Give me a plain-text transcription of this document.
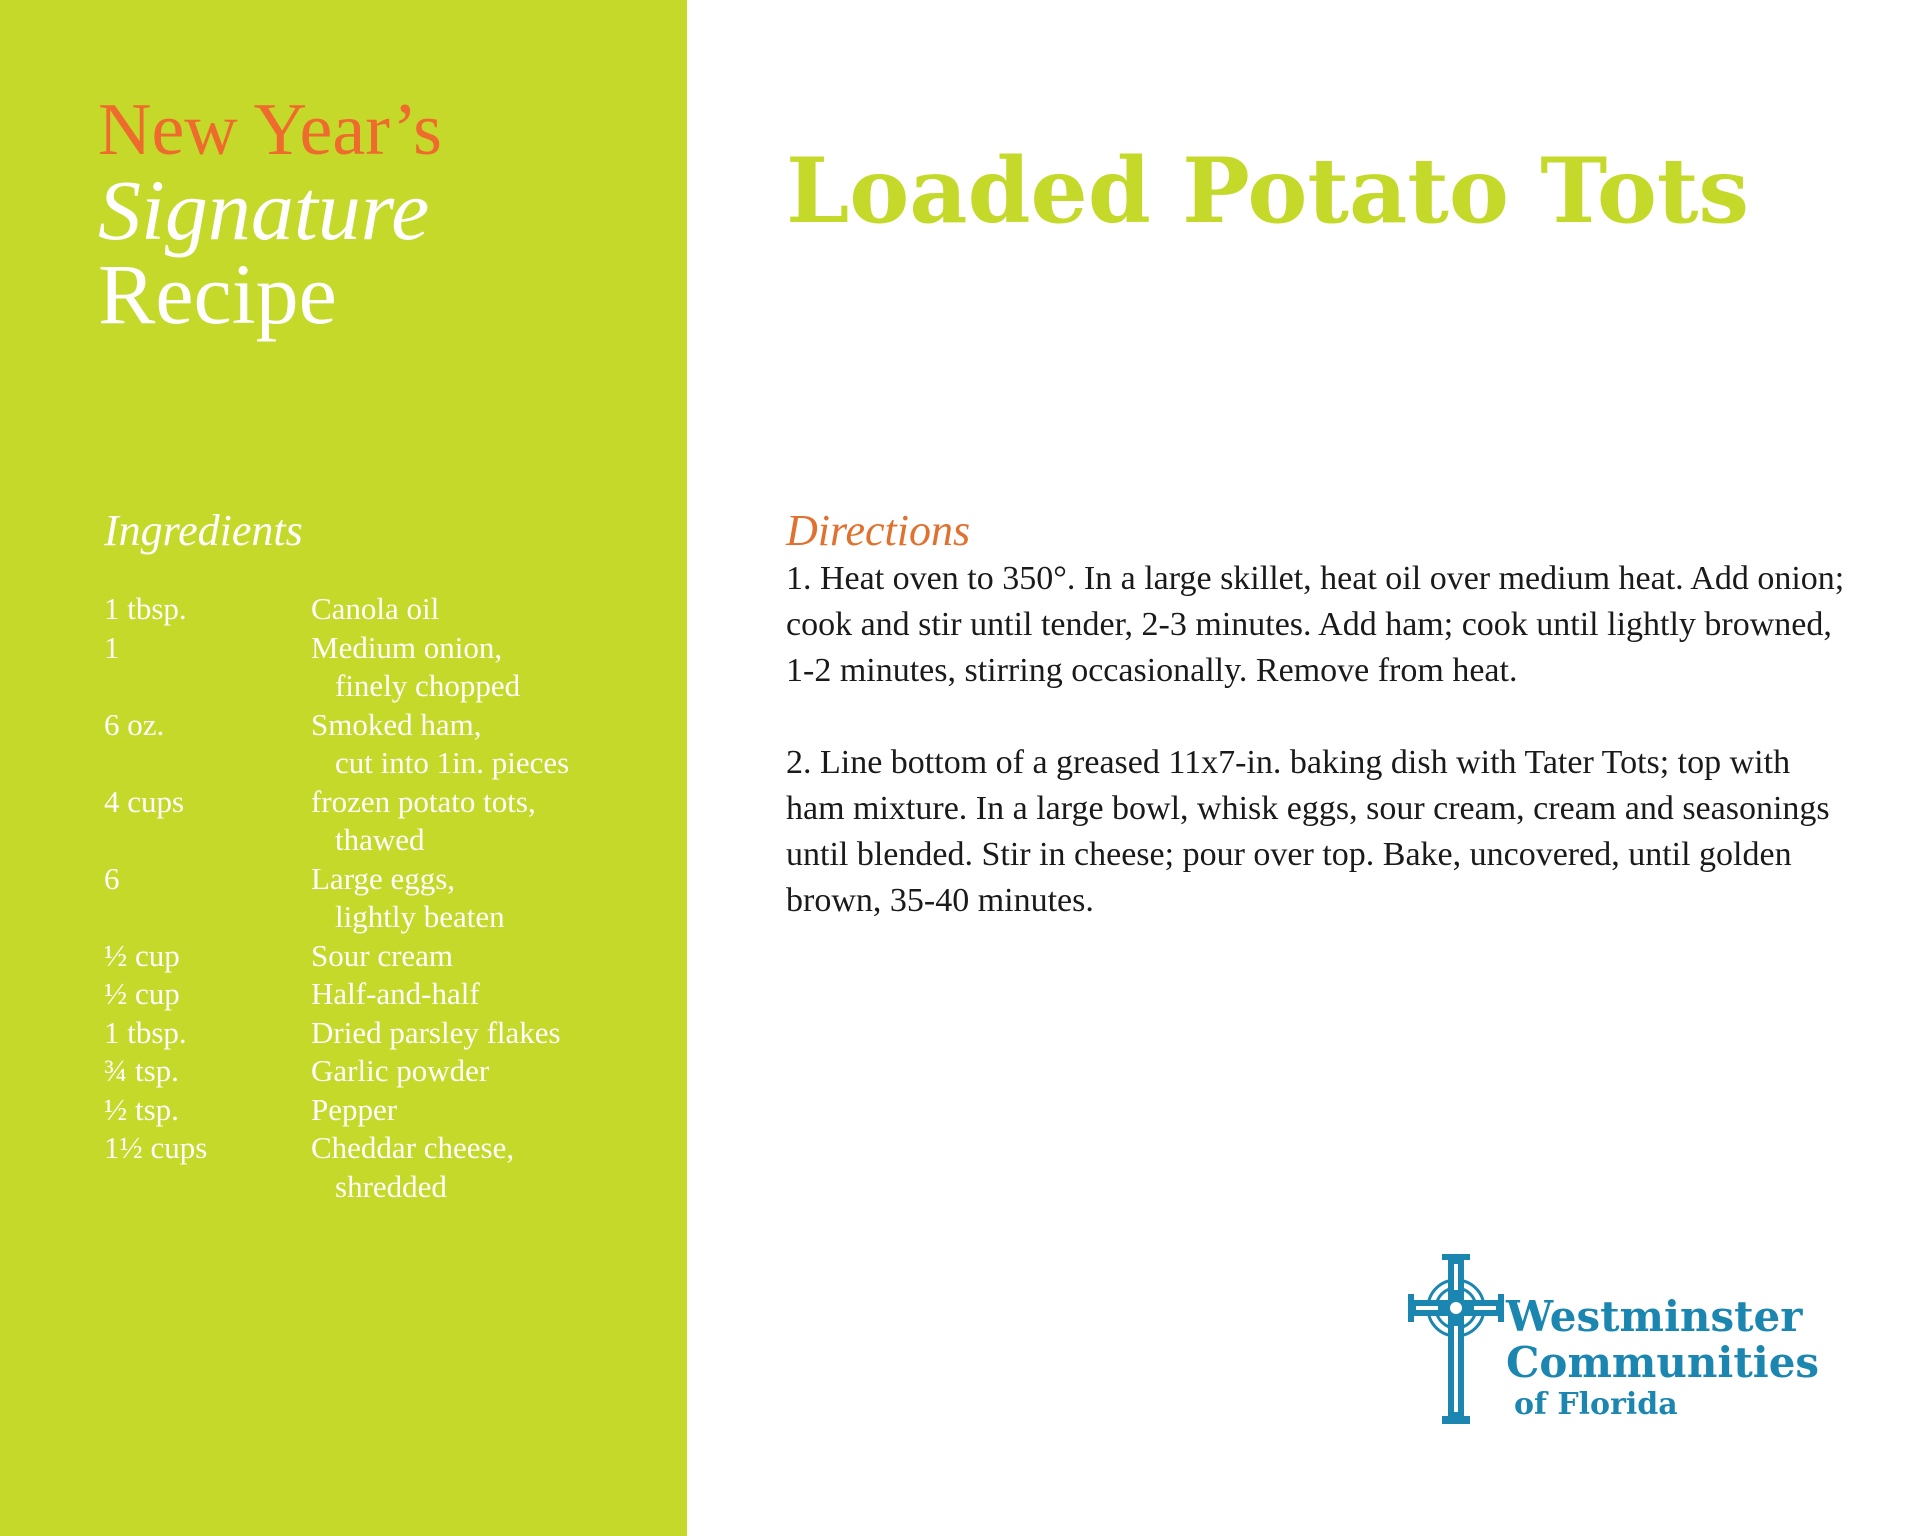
New Year’s
Signature
Recipe
Ingredients
1 tbsp.	Canola oil
1	Medium onion,
finely chopped
6 oz.	Smoked ham,
cut into 1in. pieces
4 cups	frozen potato tots,
thawed
6	Large eggs,
lightly beaten
½ cup	Sour cream
½ cup	Half-and-half
1 tbsp.	Dried parsley flakes
¾ tsp.	Garlic powder
½ tsp.	Pepper
1½ cups	Cheddar cheese,
shredded
Loaded Potato Tots
Directions

1. Heat oven to 350°. In a large skillet, heat oil over medium heat. Add onion; cook and stir until tender, 2-3 minutes. Add ham; cook until lightly browned, 1-2 minutes, stirring occasionally. Remove from heat.

2. Line bottom of a greased 11x7-in. baking dish with Tater Tots; top with ham mixture. In a large bowl, whisk eggs, sour cream, cream and seasonings until blended. Stir in cheese; pour over top. Bake, uncovered, until golden brown, 35-40 minutes.

Westminster
Communities
of Florida
